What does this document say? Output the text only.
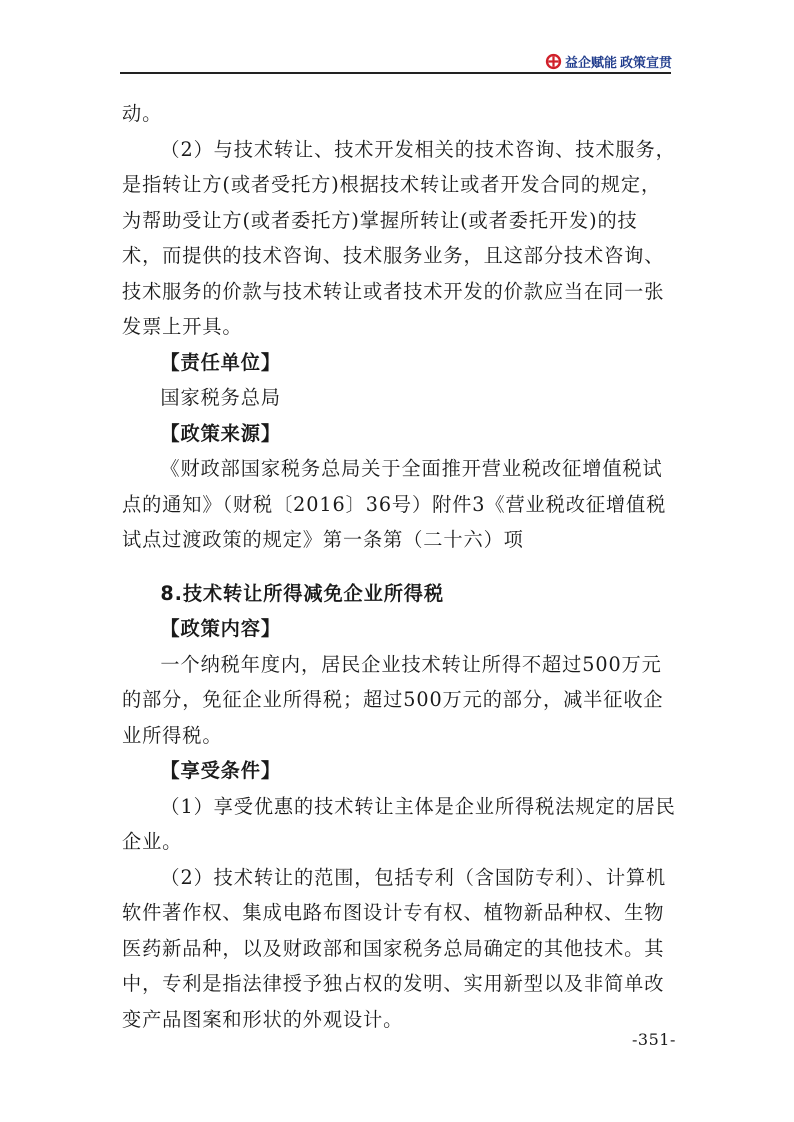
益企赋能 政策宣贯

动。

（2）与技术转让、技术开发相关的技术咨询、技术服务，是指转让方(或者受托方)根据技术转让或者开发合同的规定，为帮助受让方(或者委托方)掌握所转让(或者委托开发)的技术，而提供的技术咨询、技术服务业务，且这部分技术咨询、技术服务的价款与技术转让或者技术开发的价款应当在同一张发票上开具。

【责任单位】

国家税务总局

【政策来源】

《财政部国家税务总局关于全面推开营业税改征增值税试点的通知》（财税〔2016〕36号）附件3《营业税改征增值税试点过渡政策的规定》第一条第（二十六）项

8.技术转让所得减免企业所得税

【政策内容】

一个纳税年度内，居民企业技术转让所得不超过500万元的部分，免征企业所得税；超过500万元的部分，减半征收企业所得税。

【享受条件】

（1）享受优惠的技术转让主体是企业所得税法规定的居民企业。

（2）技术转让的范围，包括专利（含国防专利）、计算机软件著作权、集成电路布图设计专有权、植物新品种权、生物医药新品种，以及财政部和国家税务总局确定的其他技术。其中，专利是指法律授予独占权的发明、实用新型以及非简单改变产品图案和形状的外观设计。

-351-
